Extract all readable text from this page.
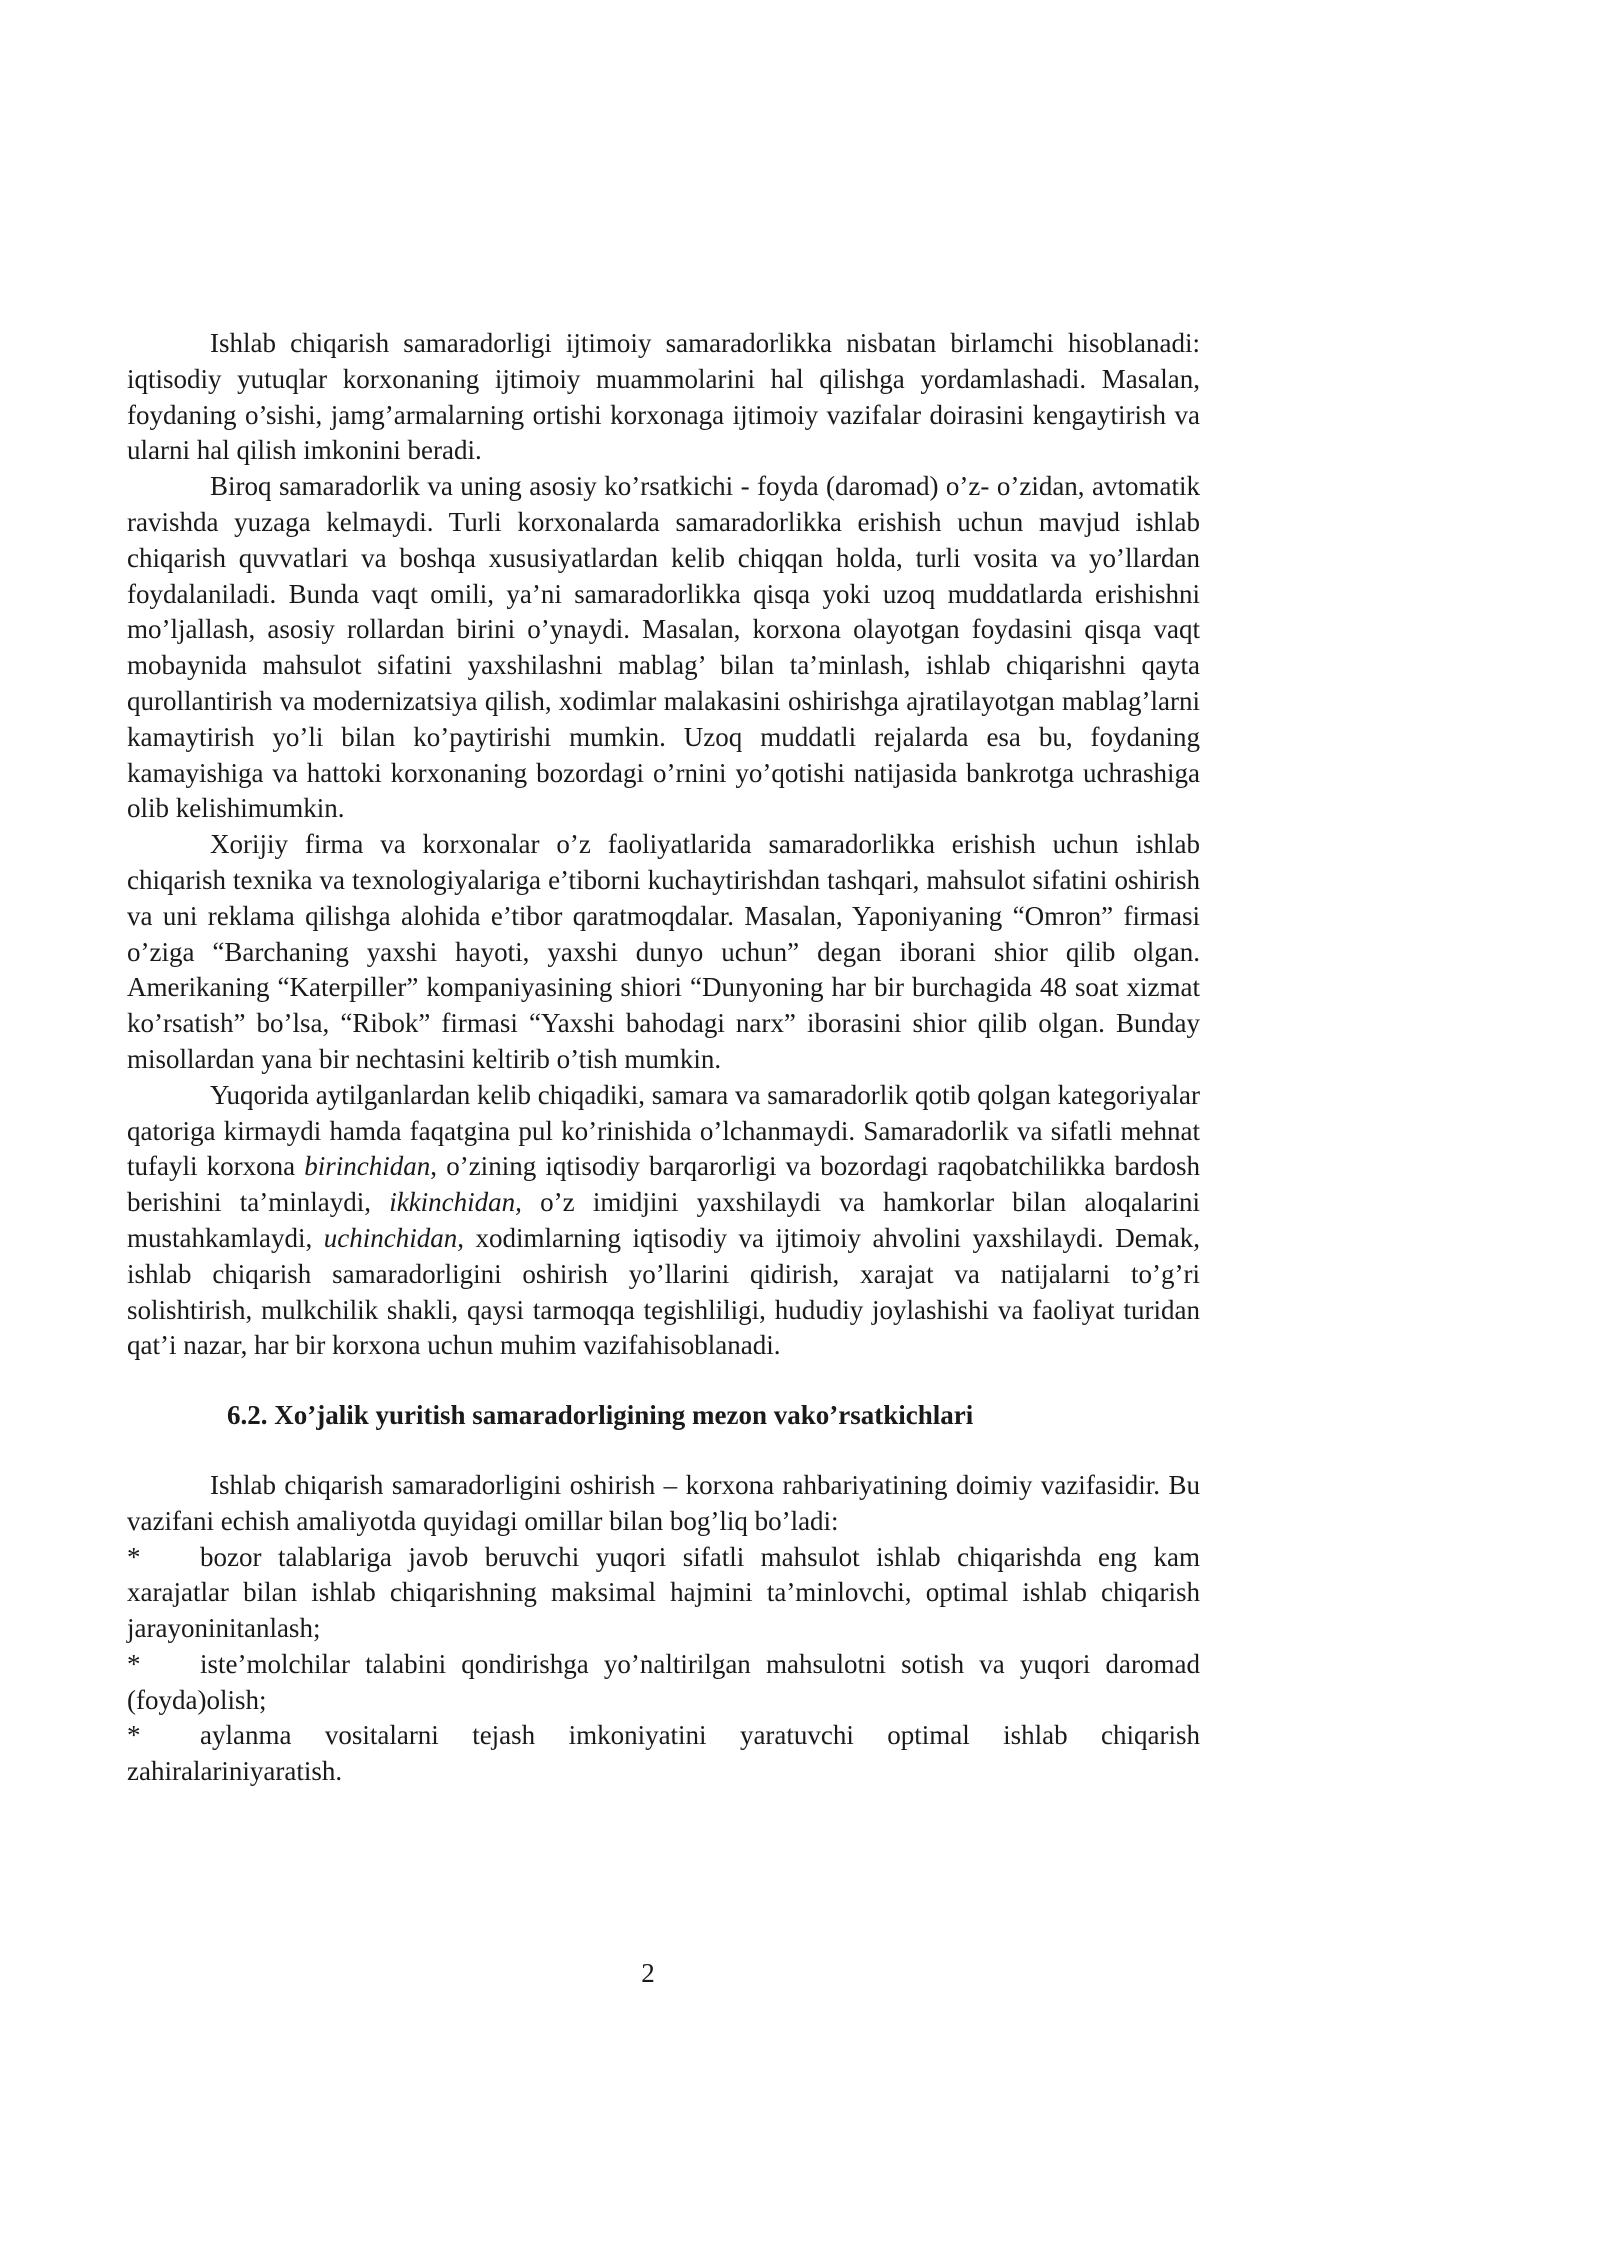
Ishlab chiqarish samaradorligi ijtimoiy samaradorlikka nisbatan birlamchi hisoblanadi: iqtisodiy yutuqlar korxonaning ijtimoiy muammolarini hal qilishga yordamlashadi. Masalan, foydaning o’sishi, jamg’armalarning ortishi korxonaga ijtimoiy vazifalar doirasini kengaytirish va ularni hal qilish imkonini beradi.

Biroq samaradorlik va uning asosiy ko’rsatkichi - foyda (daromad) o’z- o’zidan, avtomatik ravishda yuzaga kelmaydi. Turli korxonalarda samaradorlikka erishish uchun mavjud ishlab chiqarish quvvatlari va boshqa xususiyatlardan kelib chiqqan holda, turli vosita va yo’llardan foydalaniladi. Bunda vaqt omili, ya’ni samaradorlikka qisqa yoki uzoq muddatlarda erishishni mo’ljallash, asosiy rollardan birini o’ynaydi. Masalan, korxona olayotgan foydasini qisqa vaqt mobaynida mahsulot sifatini yaxshilashni mablag’ bilan ta’minlash, ishlab chiqarishni qayta qurollantirish va modernizatsiya qilish, xodimlar malakasini oshirishga ajratilayotgan mablag’larni kamaytirish yo’li bilan ko’paytirishi mumkin. Uzoq muddatli rejalarda esa bu, foydaning kamayishiga va hattoki korxonaning bozordagi o’rnini yo’qotishi natijasida bankrotga uchrashiga olib kelishimumkin.

Xorijiy firma va korxonalar o’z faoliyatlarida samaradorlikka erishish uchun ishlab chiqarish texnika va texnologiyalariga e’tiborni kuchaytirishdan tashqari, mahsulot sifatini oshirish va uni reklama qilishga alohida e’tibor qaratmoqdalar. Masalan, Yaponiyaning “Omron” firmasi o’ziga “Barchaning yaxshi hayoti, yaxshi dunyo uchun” degan iborani shior qilib olgan. Amerikaning “Katerpiller” kompaniyasining shiori “Dunyoning har bir burchagida 48 soat xizmat ko’rsatish” bo’lsa, “Ribok” firmasi “Yaxshi bahodagi narx” iborasini shior qilib olgan. Bunday misollardan yana bir nechtasini keltirib o’tish mumkin.

Yuqorida aytilganlardan kelib chiqadiki, samara va samaradorlik qotib qolgan kategoriyalar qatoriga kirmaydi hamda faqatgina pul ko’rinishida o’lchanmaydi. Samaradorlik va sifatli mehnat tufayli korxona birinchidan, o’zining iqtisodiy barqarorligi va bozordagi raqobatchilikka bardosh berishini ta’minlaydi, ikkinchidan, o’z imidjini yaxshilaydi va hamkorlar bilan aloqalarini mustahkamlaydi, uchinchidan, xodimlarning iqtisodiy va ijtimoiy ahvolini yaxshilaydi. Demak, ishlab chiqarish samaradorligini oshirish yo’llarini qidirish, xarajat va natijalarni to’g’ri solishtirish, mulkchilik shakli, qaysi tarmoqqa tegishliligi, hududiy joylashishi va faoliyat turidan qat’i nazar, har bir korxona uchun muhim vazifahisoblanadi.

6.2. Xo’jalik yuritish samaradorligining mezon vako’rsatkichlari

Ishlab chiqarish samaradorligini oshirish – korxona rahbariyatining doimiy vazifasidir. Bu vazifani echish amaliyotda quyidagi omillar bilan bog’liq bo’ladi:

* bozor talablariga javob beruvchi yuqori sifatli mahsulot ishlab chiqarishda eng kam xarajatlar bilan ishlab chiqarishning maksimal hajmini ta’minlovchi, optimal ishlab chiqarish jarayoninitanlash;

* iste’molchilar talabini qondirishga yo’naltirilgan mahsulotni sotish va yuqori daromad (foyda)olish;

* aylanma vositalarni tejash imkoniyatini yaratuvchi optimal ishlab chiqarish zahiralariniyaratish.

2
